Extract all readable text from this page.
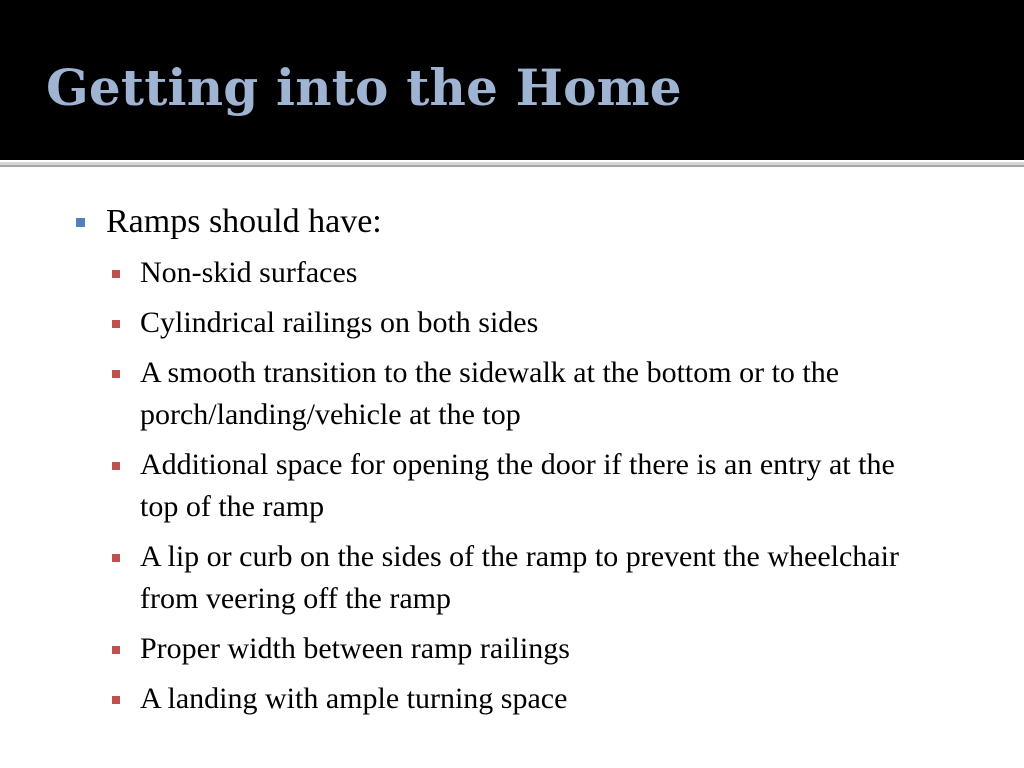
Getting into the Home
Ramps should have:
Non-skid surfaces
Cylindrical railings on both sides
A smooth transition to the sidewalk at the bottom or to the porch/landing/vehicle at the top
Additional space for opening the door if there is an entry at the top of the ramp
A lip or curb on the sides of the ramp to prevent the wheelchair from veering off the ramp
Proper width between ramp railings
A landing with ample turning space
